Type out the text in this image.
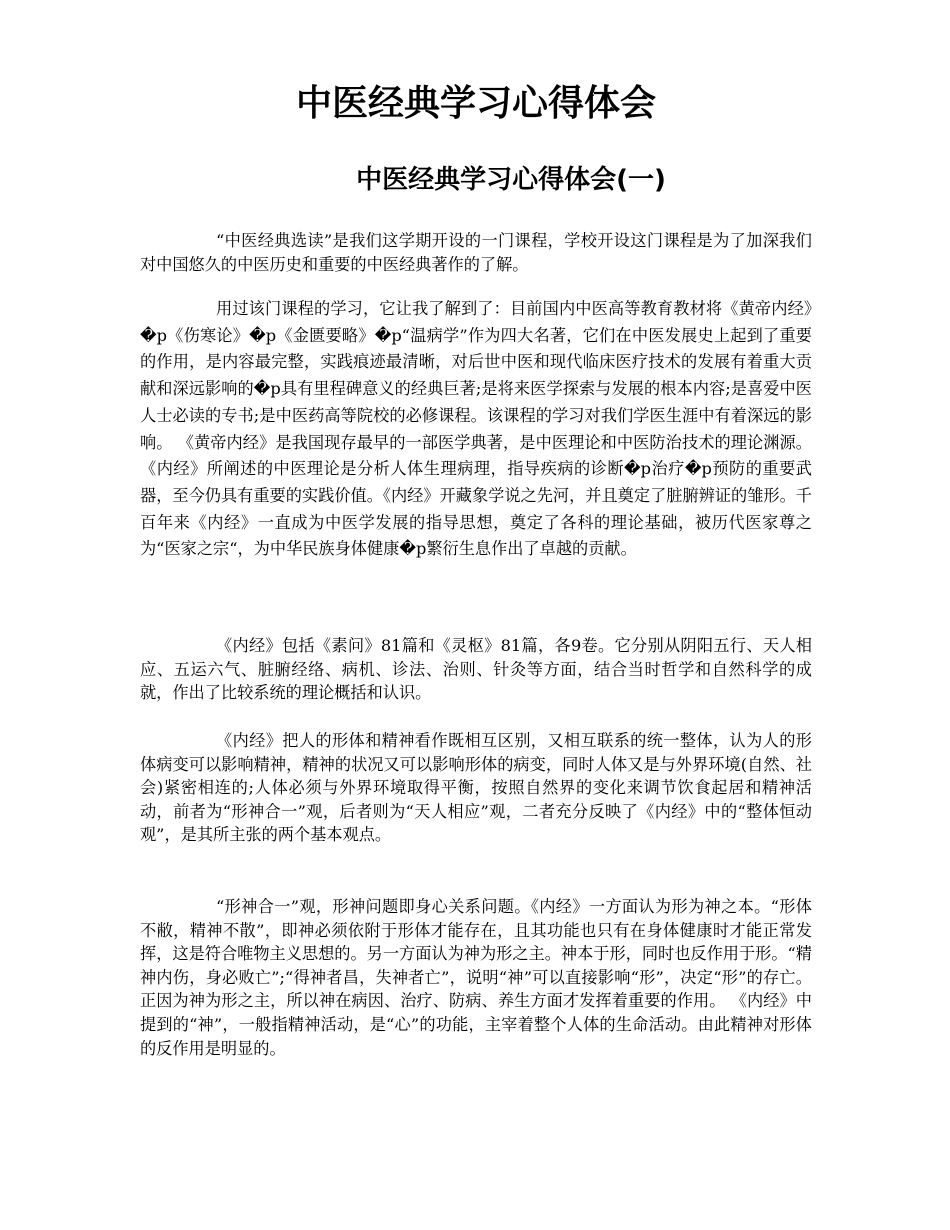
中医经典学习心得体会
中医经典学习心得体会(一)

“中医经典选读”是我们这学期开设的一门课程，学校开设这门课程是为了加深我们对中国悠久的中医历史和重要的中医经典著作的了解。

用过该门课程的学习，它让我了解到了：目前国内中医高等教育教材将《黄帝内经》�p《伤寒论》�p《金匮要略》�p“温病学”作为四大名著，它们在中医发展史上起到了重要的作用，是内容最完整，实践痕迹最清晰，对后世中医和现代临床医疗技术的发展有着重大贡献和深远影响的�p具有里程碑意义的经典巨著;是将来医学探索与发展的根本内容;是喜爱中医人士必读的专书;是中医药高等院校的必修课程。该课程的学习对我们学医生涯中有着深远的影响。 《黄帝内经》是我国现存最早的一部医学典著，是中医理论和中医防治技术的理论渊源。《内经》所阐述的中医理论是分析人体生理病理，指导疾病的诊断�p治疗�p预防的重要武器，至今仍具有重要的实践价值。《内经》开藏象学说之先河，并且奠定了脏腑辨证的雏形。千百年来《内经》一直成为中医学发展的指导思想，奠定了各科的理论基础，被历代医家尊之为“医家之宗“，为中华民族身体健康�p繁衍生息作出了卓越的贡献。

《内经》包括《素问》81篇和《灵枢》81篇，各9卷。它分别从阴阳五行、天人相应、五运六气、脏腑经络、病机、诊法、治则、针灸等方面，结合当时哲学和自然科学的成就，作出了比较系统的理论概括和认识。

《内经》把人的形体和精神看作既相互区别，又相互联系的统一整体，认为人的形体病变可以影响精神，精神的状况又可以影响形体的病变，同时人体又是与外界环境(自然、社会)紧密相连的;人体必须与外界环境取得平衡，按照自然界的变化来调节饮食起居和精神活动，前者为“形神合一”观，后者则为“天人相应”观，二者充分反映了《内经》中的“整体恒动观”，是其所主张的两个基本观点。

“形神合一”观，形神问题即身心关系问题。《内经》一方面认为形为神之本。“形体不敝，精神不散”，即神必须依附于形体才能存在，且其功能也只有在身体健康时才能正常发挥，这是符合唯物主义思想的。另一方面认为神为形之主。神本于形，同时也反作用于形。“精神内伤，身必败亡”;“得神者昌，失神者亡”，说明“神”可以直接影响“形”，决定“形”的存亡。正因为神为形之主，所以神在病因、治疗、防病、养生方面才发挥着重要的作用。 《内经》中提到的“神”，一般指精神活动，是“心”的功能，主宰着整个人体的生命活动。由此精神对形体的反作用是明显的。
